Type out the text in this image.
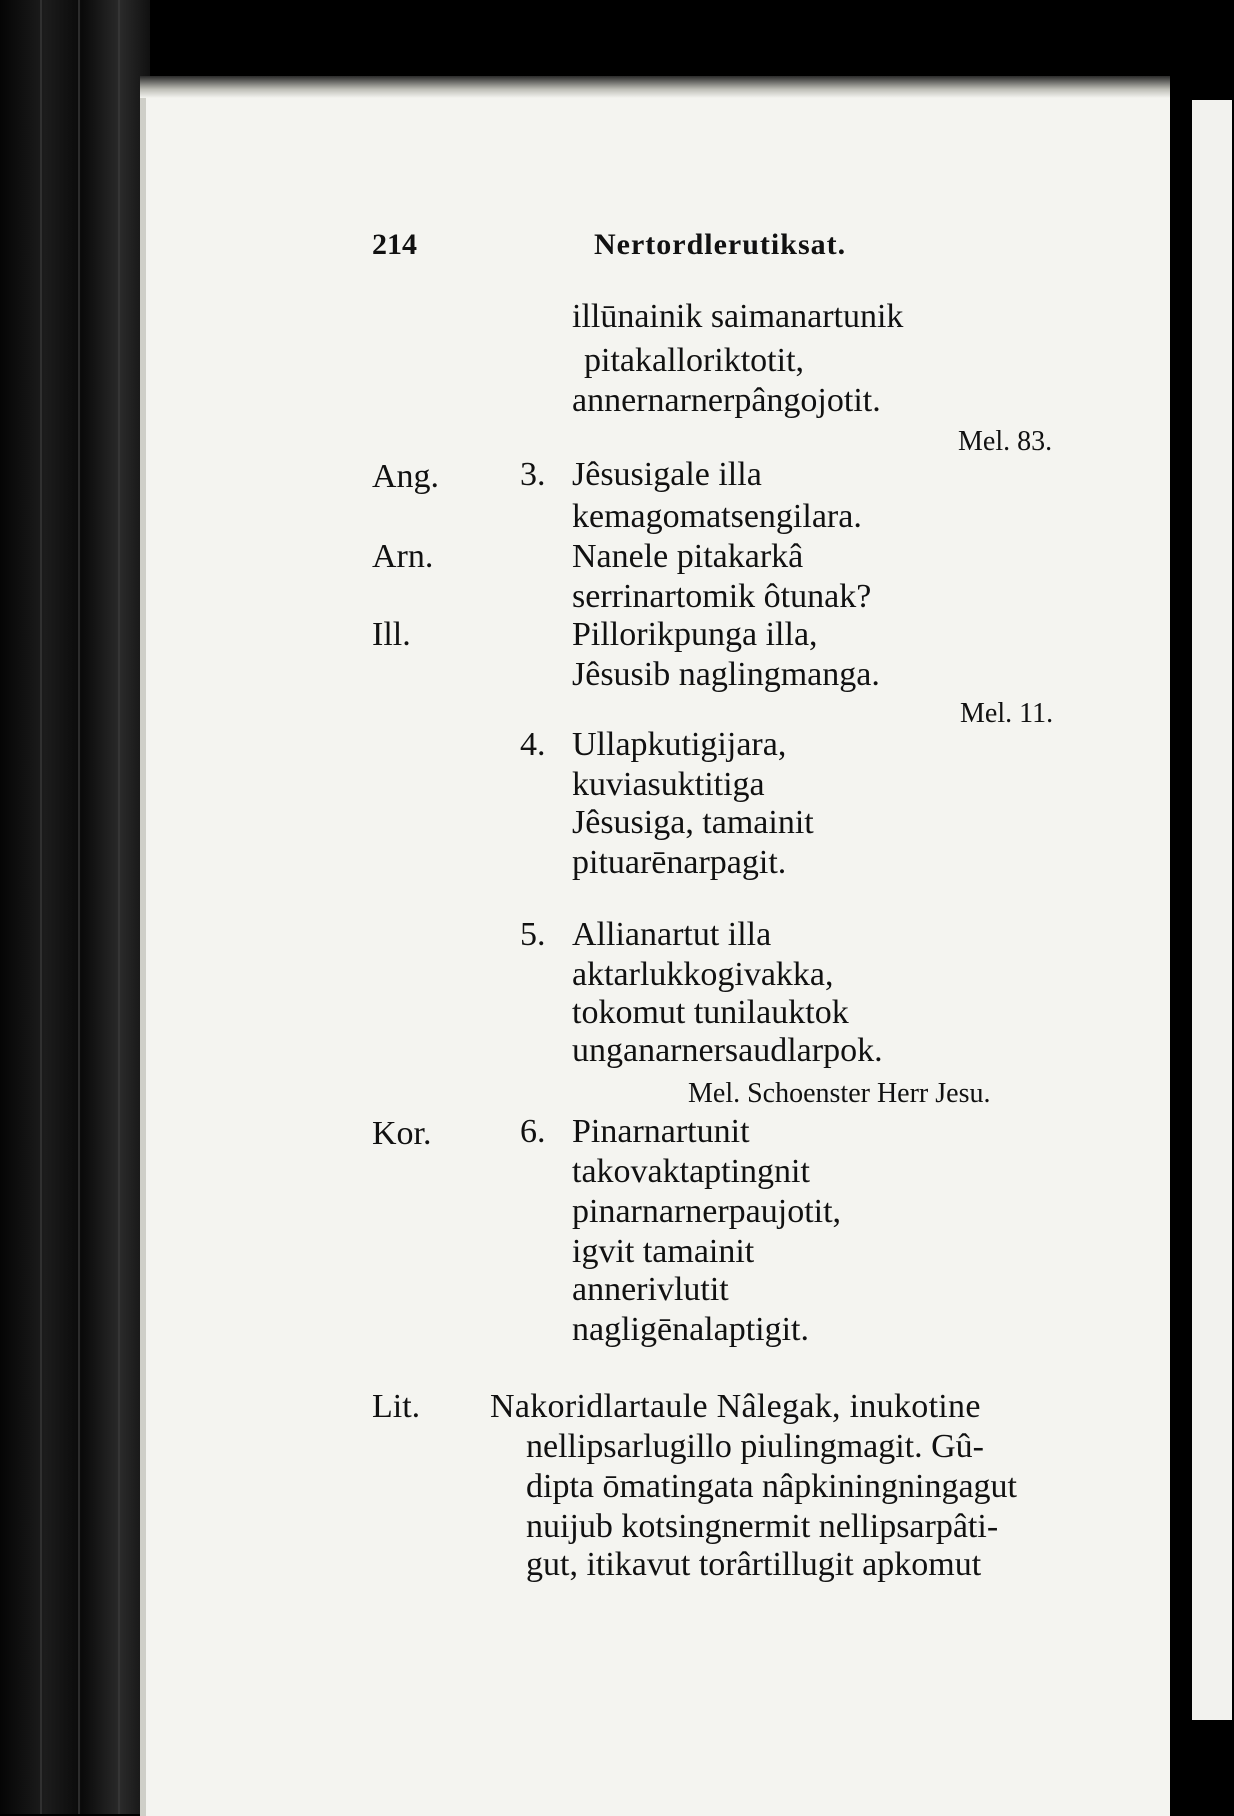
214	Nertordlerutiksat.
illūnainik saimanartunik
pitakalloriktotit,
annernarnerpângojotit.
Mel. 83.
Ang.
Arn.
Ill.
Kor.
Lit.
3. Jêsusigale illa
kemagomatsengilara.
Nanele pitakarkâ
serrinartomik ôtunak?
Pillorikpunga illa,
Jêsusib naglingmanga.
Mel. 11.
4. Ullapkutigijara,
kuviasuktitiga
Jêsusiga, tamainit
pituarēnarpagit.
5. Allianartut illa
aktarlukkogivakka,
tokomut tunilauktok
unganarnersaudlarpok.
Mel. Schoenster Herr Jesu.
6. Pinarnartunit
takovaktaptingnit
pinarnarnerpaujotit,
igvit tamainit
annerivlutit
nagligēnalaptigit.
Nakoridlartaule Nâlegak, inukotine
nellipsarlugillo piulingmagit. Gû-
dipta ōmatingata nâpkiningningagut
nuijub kotsingnermit nellipsarpâti-
gut, itikavut torârtillugit apkomut
